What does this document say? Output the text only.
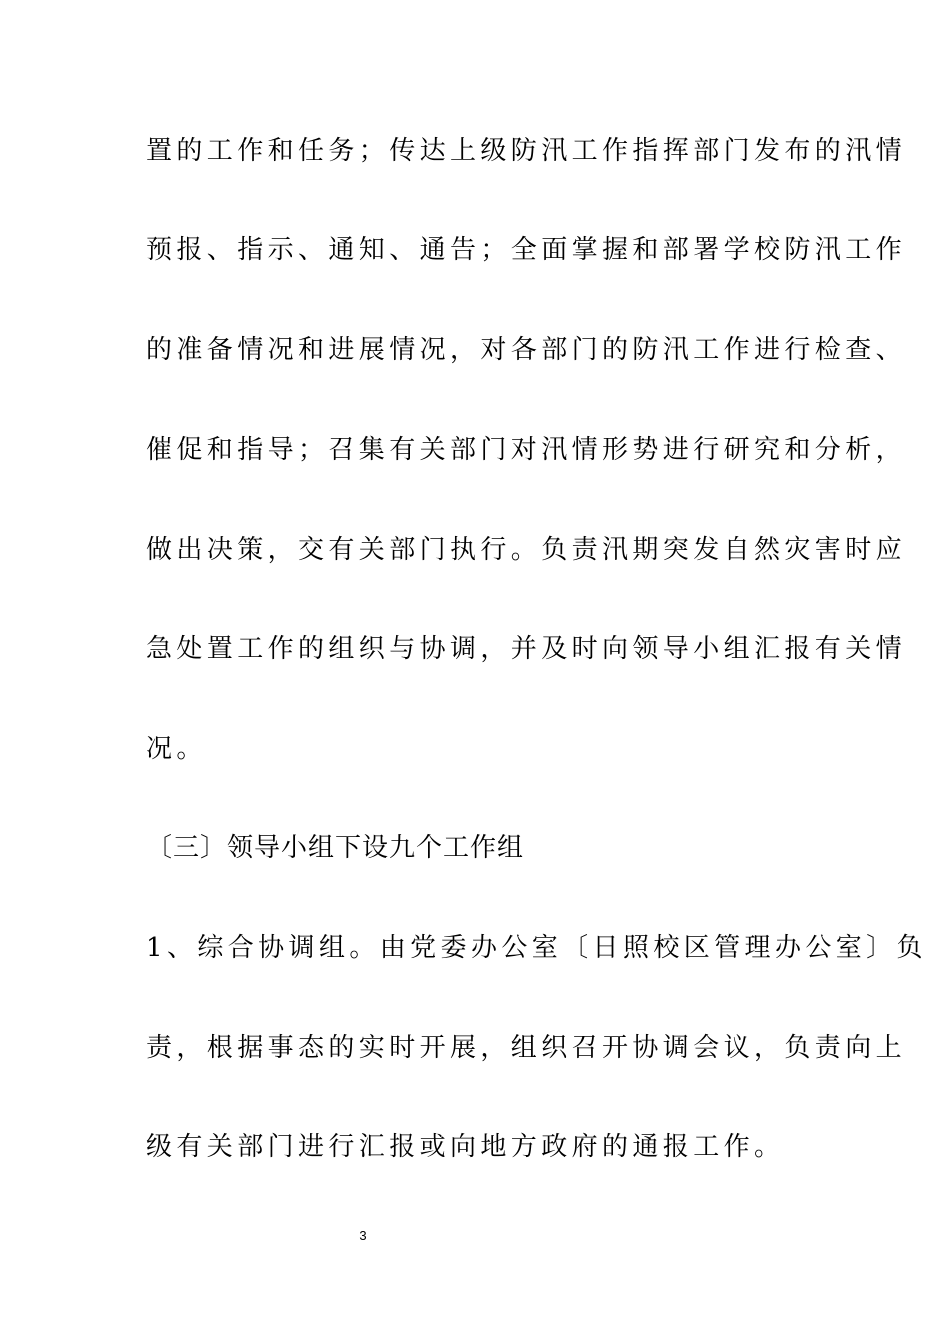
置的工作和任务；传达上级防汛工作指挥部门发布的汛情
预报、指示、通知、通告；全面掌握和部署学校防汛工作
的准备情况和进展情况，对各部门的防汛工作进行检查、
催促和指导；召集有关部门对汛情形势进行研究和分析，
做出决策，交有关部门执行。负责汛期突发自然灾害时应
急处置工作的组织与协调，并及时向领导小组汇报有关情
况。
〔三〕领导小组下设九个工作组
1、综合协调组。由党委办公室〔日照校区管理办公室〕负
责，根据事态的实时开展，组织召开协调会议，负责向上
级有关部门进行汇报或向地方政府的通报工作。
3
